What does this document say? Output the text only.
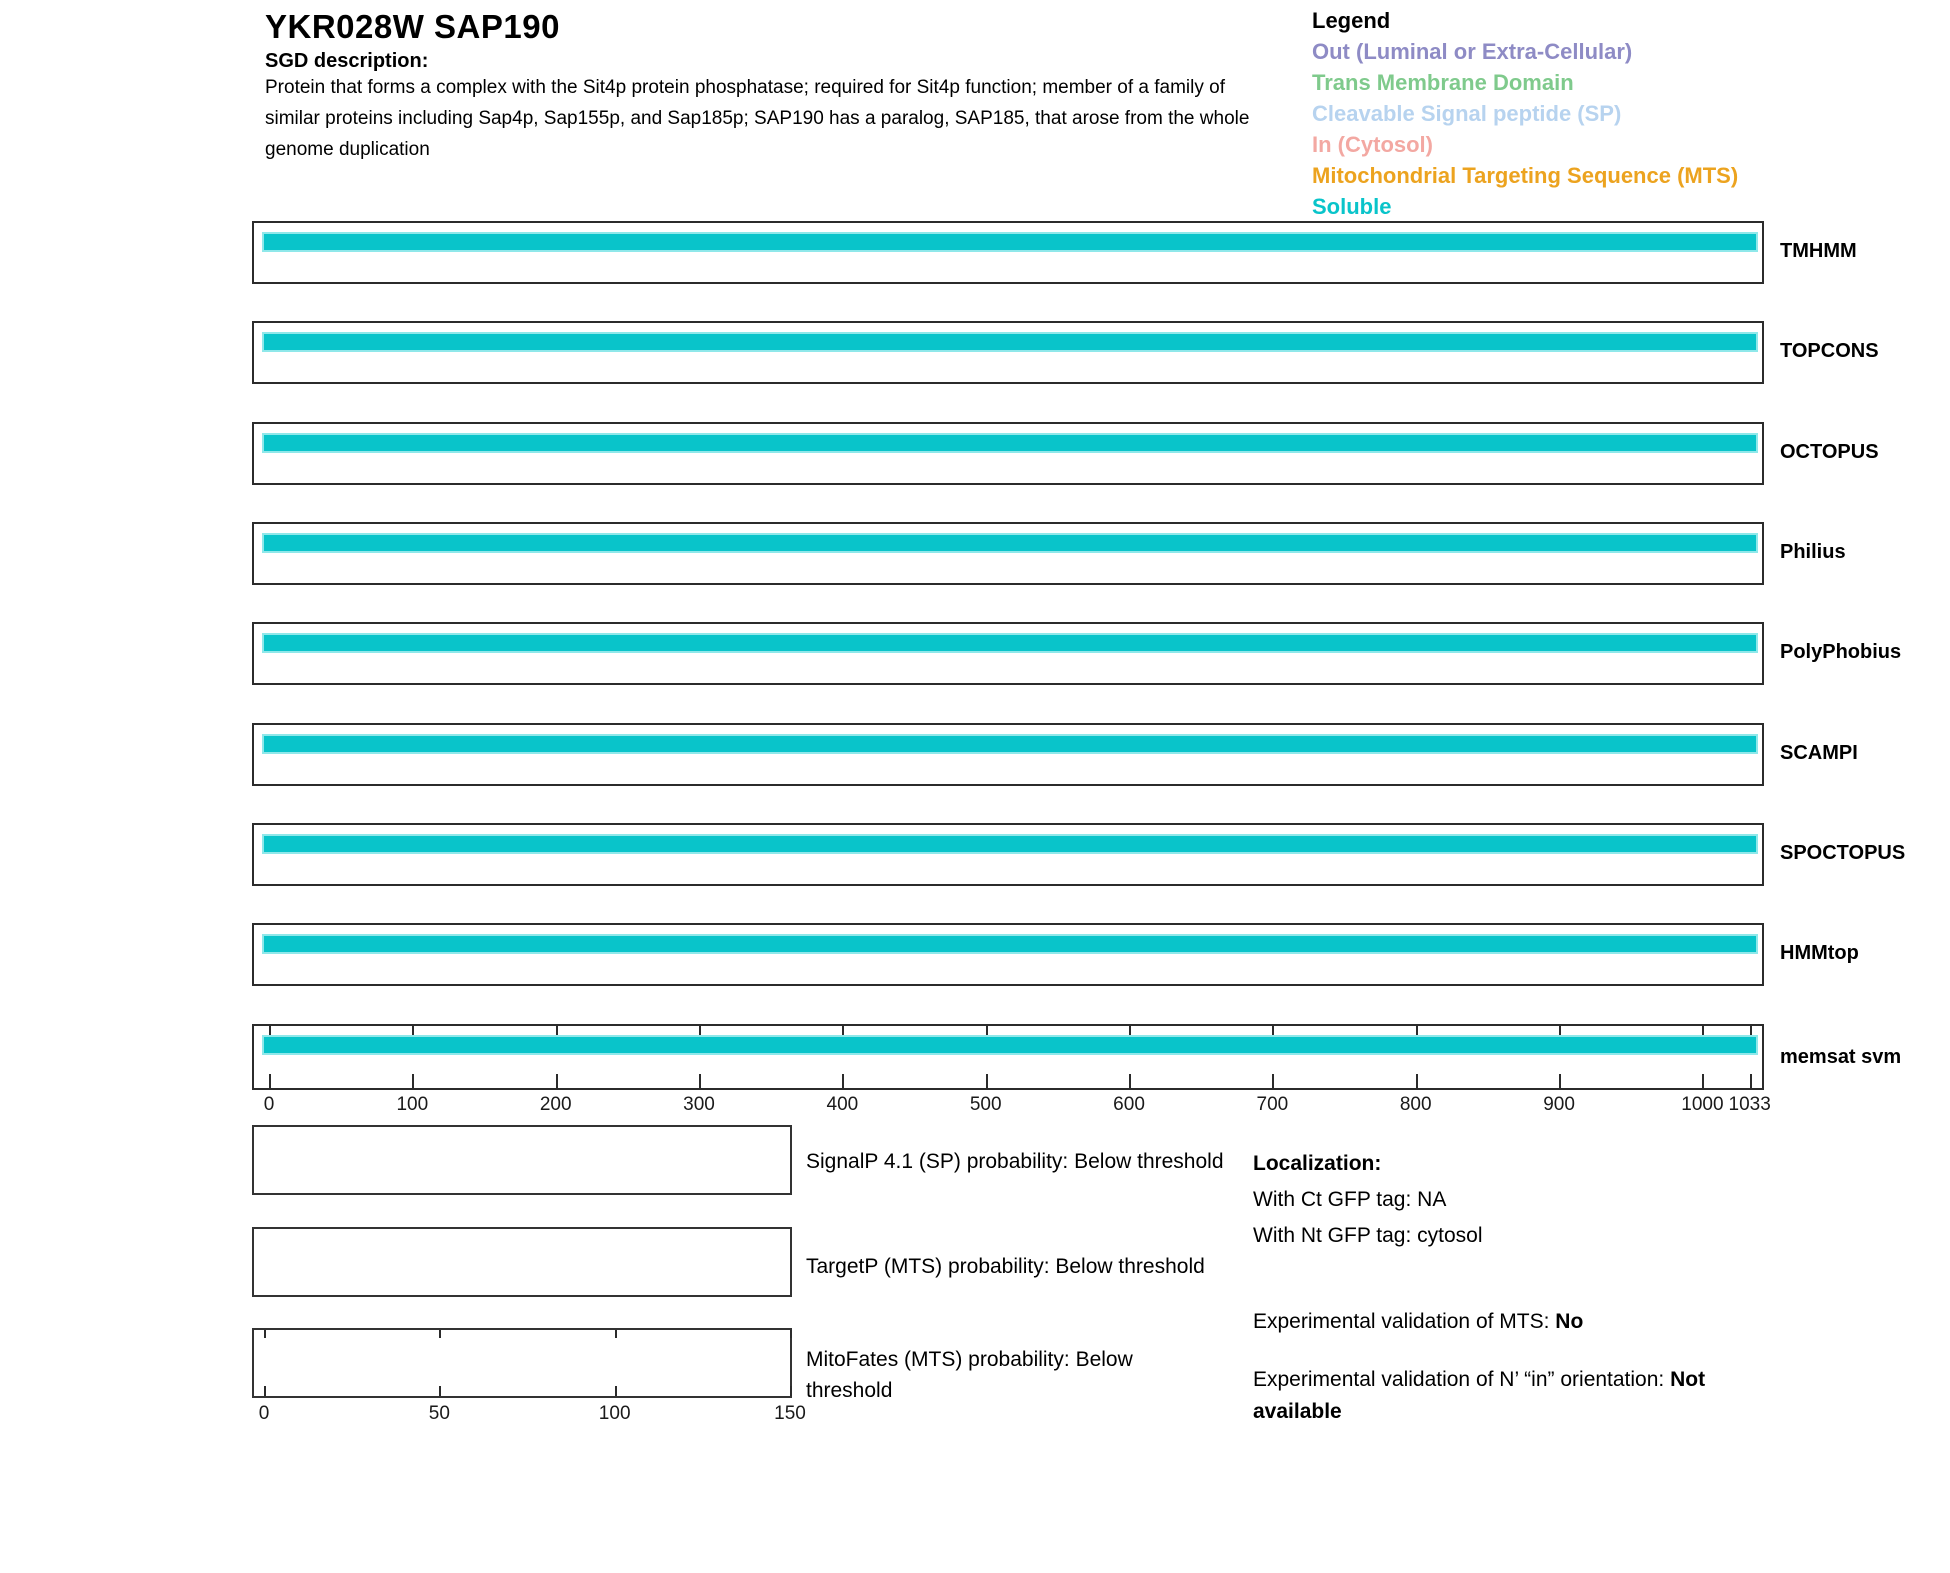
YKR028W SAP190
SGD description:
Protein that forms a complex with the Sit4p protein phosphatase; required for Sit4p function; member of a family of similar proteins including Sap4p, Sap155p, and Sap185p; SAP190 has a paralog, SAP185, that arose from the whole genome duplication
Legend
Out (Luminal or Extra-Cellular)
Trans Membrane Domain
Cleavable Signal peptide (SP)
In (Cytosol)
Mitochondrial Targeting Sequence (MTS)
Soluble
TMHMM
TOPCONS
OCTOPUS
Philius
PolyPhobius
SCAMPI
SPOCTOPUS
HMMtop
memsat svm
0	100	200	300	400	500	600	700	800	900	1000 1033
SignalP 4.1 (SP) probability: Below threshold
TargetP (MTS) probability: Below threshold
MitoFates (MTS) probability: Below threshold
0	50	100	150
Localization:
With Ct GFP tag: NA
With Nt GFP tag: cytosol
Experimental validation of MTS: No
Experimental validation of N’ “in” orientation: Not available
